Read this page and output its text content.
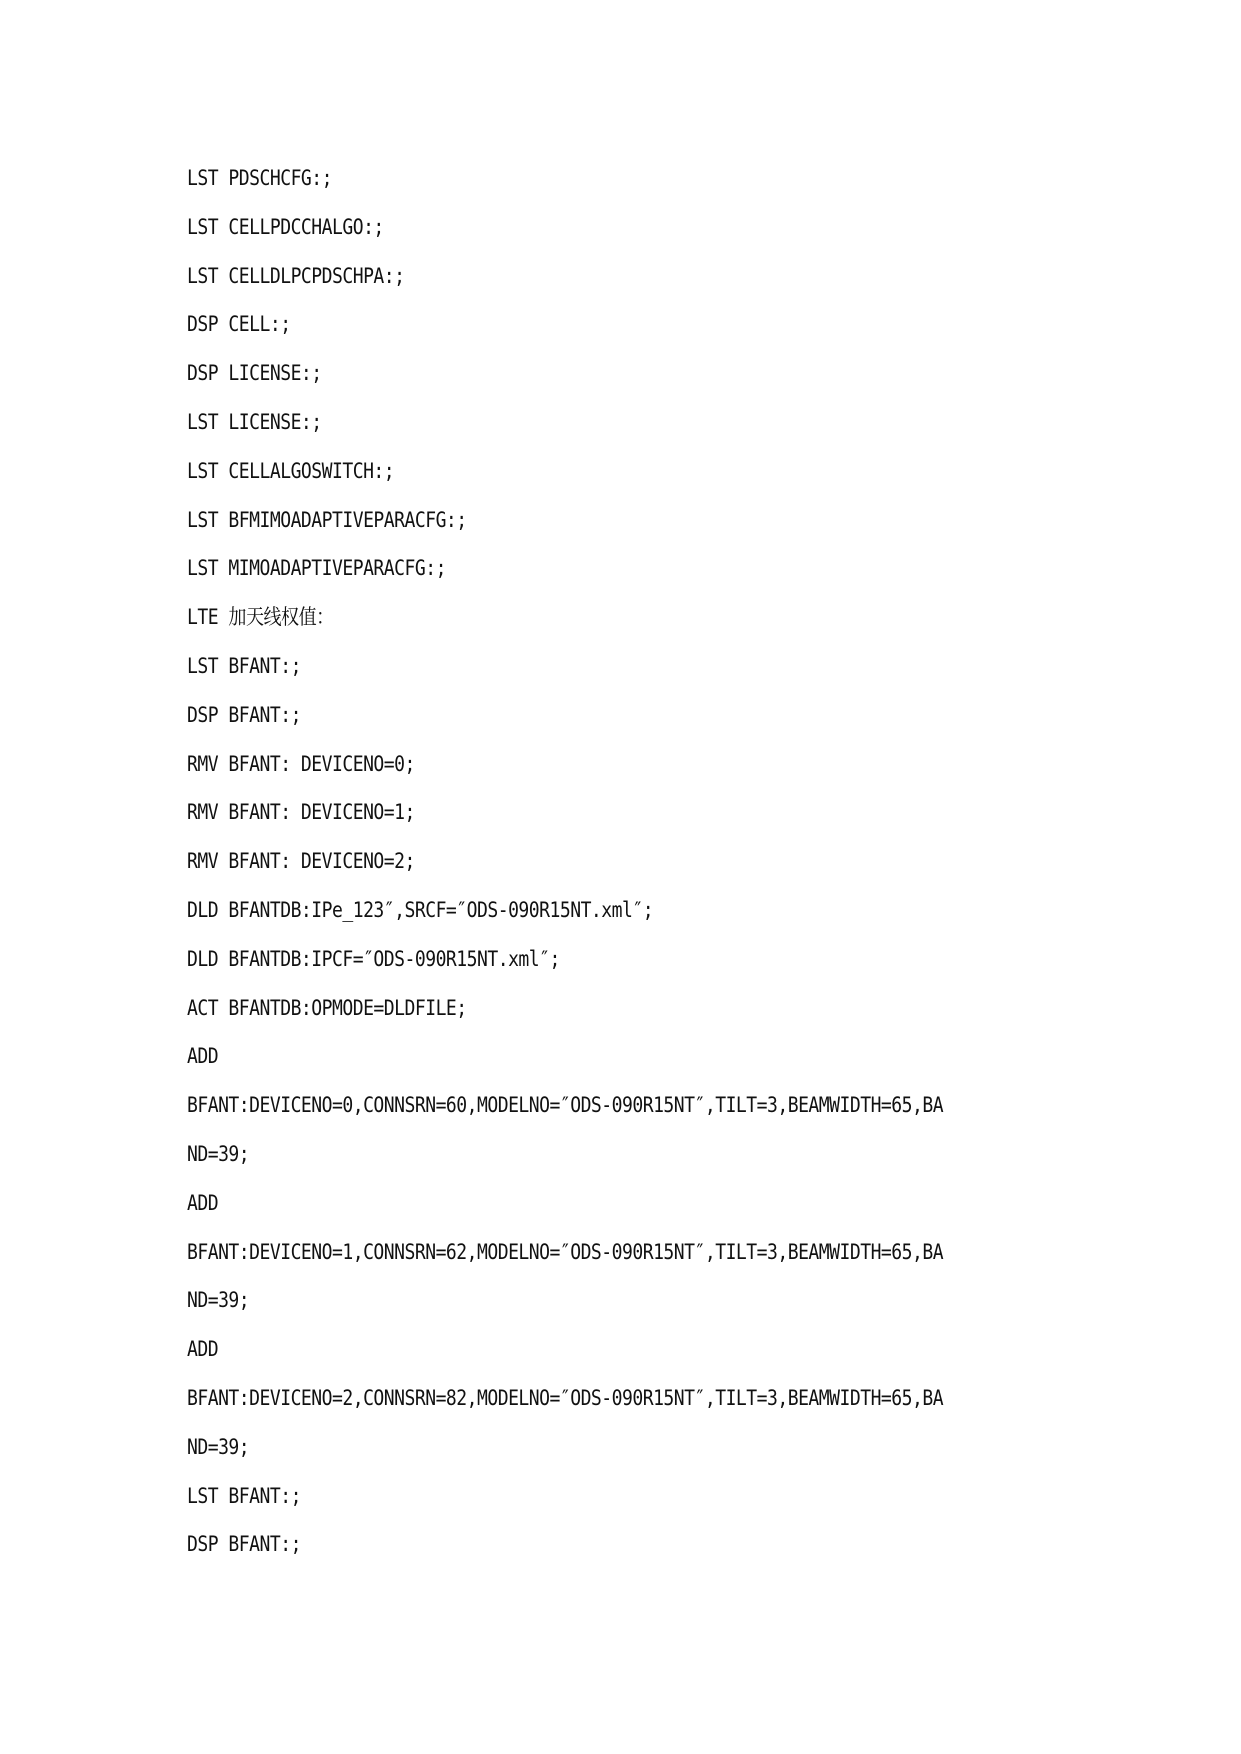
LST PDSCHCFG:;
LST CELLPDCCHALGO:;
LST CELLDLPCPDSCHPA:;
DSP CELL:;
DSP LICENSE:;
LST LICENSE:;
LST CELLALGOSWITCH:;
LST BFMIMOADAPTIVEPARACFG:;
LST MIMOADAPTIVEPARACFG:;
LTE 加天线权值：
LST BFANT:;
DSP BFANT:;
RMV BFANT: DEVICENO=0;
RMV BFANT: DEVICENO=1;
RMV BFANT: DEVICENO=2;
DLD BFANTDB:IPe_123″,SRCF=″ODS-090R15NT.xml″;
DLD BFANTDB:IPCF=″ODS-090R15NT.xml″;
ACT BFANTDB:OPMODE=DLDFILE;
ADD
BFANT:DEVICENO=0,CONNSRN=60,MODELNO=″ODS-090R15NT″,TILT=3,BEAMWIDTH=65,BA
ND=39;
ADD
BFANT:DEVICENO=1,CONNSRN=62,MODELNO=″ODS-090R15NT″,TILT=3,BEAMWIDTH=65,BA
ND=39;
ADD
BFANT:DEVICENO=2,CONNSRN=82,MODELNO=″ODS-090R15NT″,TILT=3,BEAMWIDTH=65,BA
ND=39;
LST BFANT:;
DSP BFANT:;
